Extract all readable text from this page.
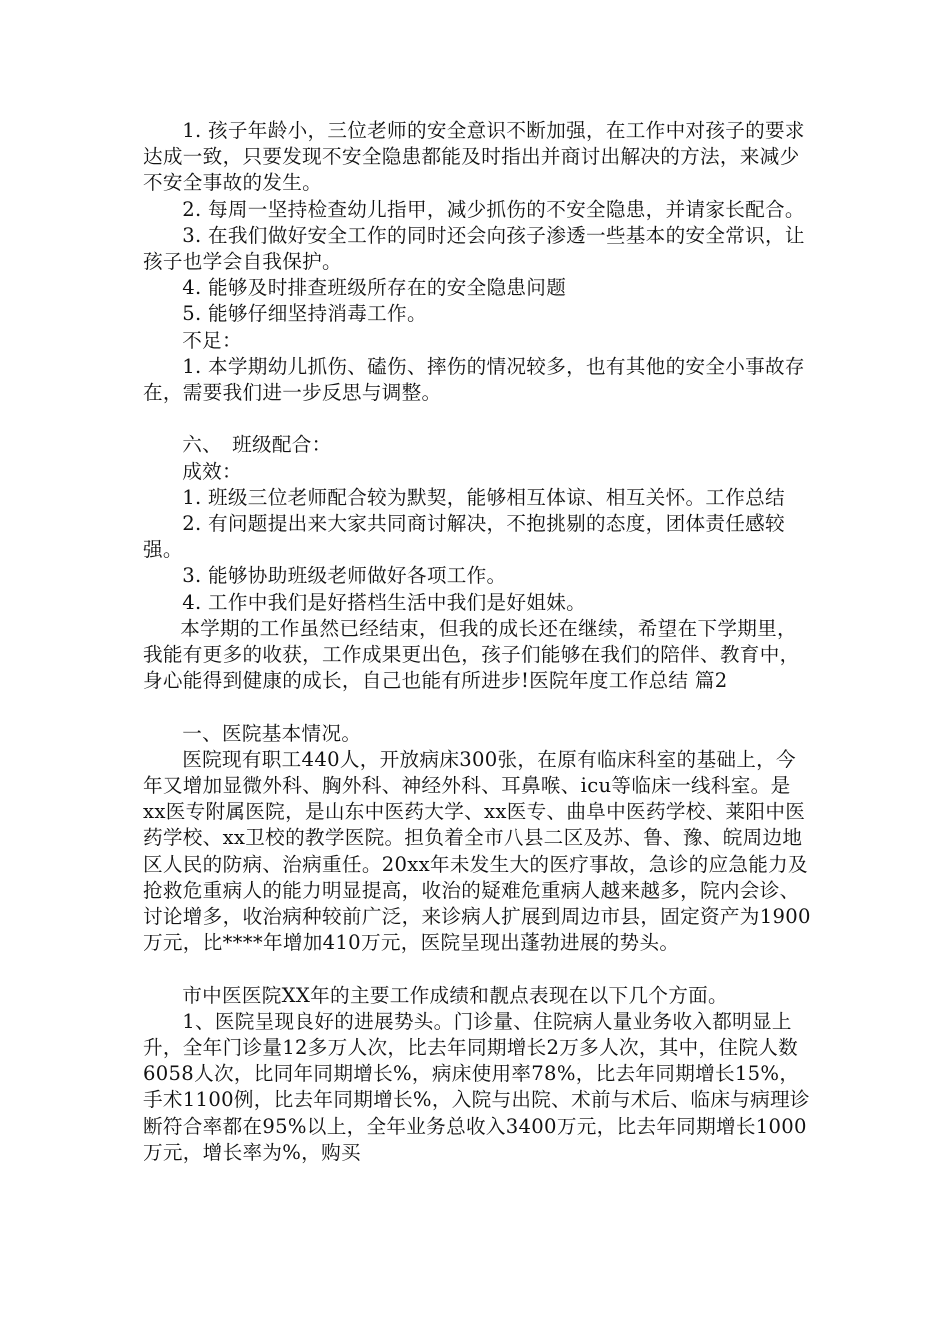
1. 孩子年龄小，三位老师的安全意识不断加强，在工作中对孩子的要求达成一致，只要发现不安全隐患都能及时指出并商讨出解决的方法，来减少不安全事故的发生。

2. 每周一坚持检查幼儿指甲，减少抓伤的不安全隐患，并请家长配合。

3. 在我们做好安全工作的同时还会向孩子渗透一些基本的安全常识，让孩子也学会自我保护。

4. 能够及时排查班级所存在的安全隐患问题

5. 能够仔细坚持消毒工作。

不足：

1. 本学期幼儿抓伤、磕伤、摔伤的情况较多，也有其他的安全小事故存在，需要我们进一步反思与调整。

六、　班级配合：

成效：

1. 班级三位老师配合较为默契，能够相互体谅、相互关怀。工作总结

2. 有问题提出来大家共同商讨解决，不抱挑剔的态度，团体责任感较强。

3. 能够协助班级老师做好各项工作。

4. 工作中我们是好搭档生活中我们是好姐妹。

本学期的工作虽然已经结束，但我的成长还在继续，希望在下学期里，我能有更多的收获，工作成果更出色，孩子们能够在我们的陪伴、教育中，身心能得到健康的成长，自己也能有所进步!医院年度工作总结 篇2

一、医院基本情况。

医院现有职工440人，开放病床300张，在原有临床科室的基础上，今年又增加显微外科、胸外科、神经外科、耳鼻喉、icu等临床一线科室。是xx医专附属医院，是山东中医药大学、xx医专、曲阜中医药学校、莱阳中医药学校、xx卫校的教学医院。担负着全市八县二区及苏、鲁、豫、皖周边地区人民的防病、治病重任。20xx年未发生大的医疗事故，急诊的应急能力及抢救危重病人的能力明显提高，收治的疑难危重病人越来越多，院内会诊、讨论增多，收治病种较前广泛，来诊病人扩展到周边市县，固定资产为1900万元，比****年增加410万元，医院呈现出蓬勃进展的势头。

市中医医院XX年的主要工作成绩和靓点表现在以下几个方面。

1、医院呈现良好的进展势头。门诊量、住院病人量业务收入都明显上升，全年门诊量12多万人次，比去年同期增长2万多人次，其中，住院人数6058人次，比同年同期增长%，病床使用率78%，比去年同期增长15%，手术1100例，比去年同期增长%，入院与出院、术前与术后、临床与病理诊断符合率都在95%以上，全年业务总收入3400万元，比去年同期增长1000万元，增长率为%，购买
